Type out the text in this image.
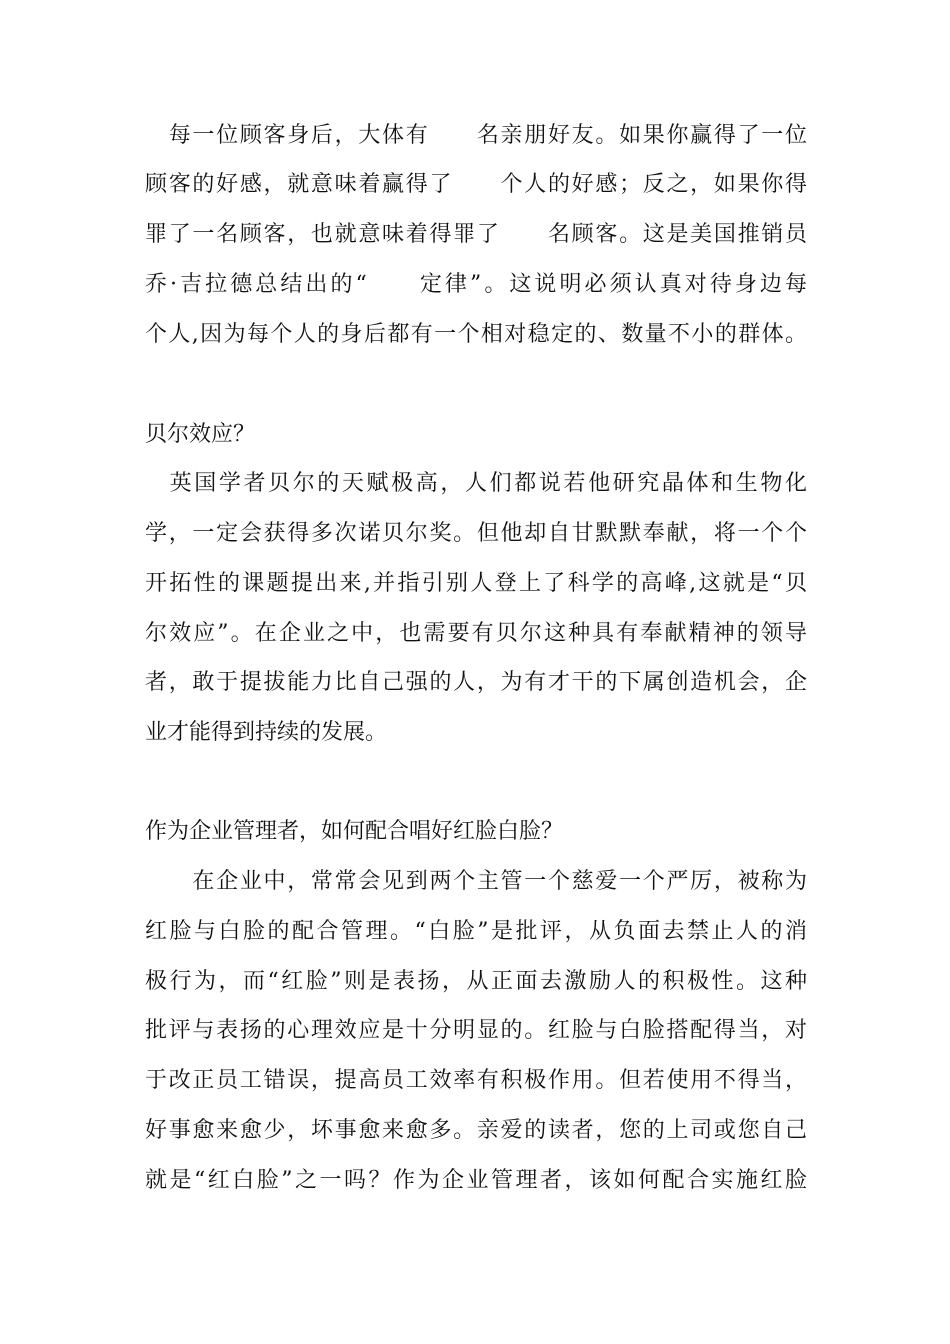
　每一位顾客身后，大体有　　名亲朋好友。如果你赢得了一位
顾客的好感，就意味着赢得了　　个人的好感；反之，如果你得
罪了一名顾客，也就意味着得罪了　　名顾客。这是美国推销员
乔·吉拉德总结出的“　　定律”。这说明必须认真对待身边每
个人,因为每个人的身后都有一个相对稳定的、数量不小的群体。
贝尔效应？
　英国学者贝尔的天赋极高，人们都说若他研究晶体和生物化
学，一定会获得多次诺贝尔奖。但他却自甘默默奉献，将一个个
开拓性的课题提出来,并指引别人登上了科学的高峰,这就是“贝
尔效应”。在企业之中，也需要有贝尔这种具有奉献精神的领导
者，敢于提拔能力比自己强的人，为有才干的下属创造机会，企
业才能得到持续的发展。
作为企业管理者，如何配合唱好红脸白脸？
　　在企业中，常常会见到两个主管一个慈爱一个严厉，被称为
红脸与白脸的配合管理。“白脸”是批评，从负面去禁止人的消
极行为，而“红脸”则是表扬，从正面去激励人的积极性。这种
批评与表扬的心理效应是十分明显的。红脸与白脸搭配得当，对
于改正员工错误，提高员工效率有积极作用。但若使用不得当，
好事愈来愈少，坏事愈来愈多。亲爱的读者，您的上司或您自己
就是“红白脸”之一吗？作为企业管理者，该如何配合实施红脸
